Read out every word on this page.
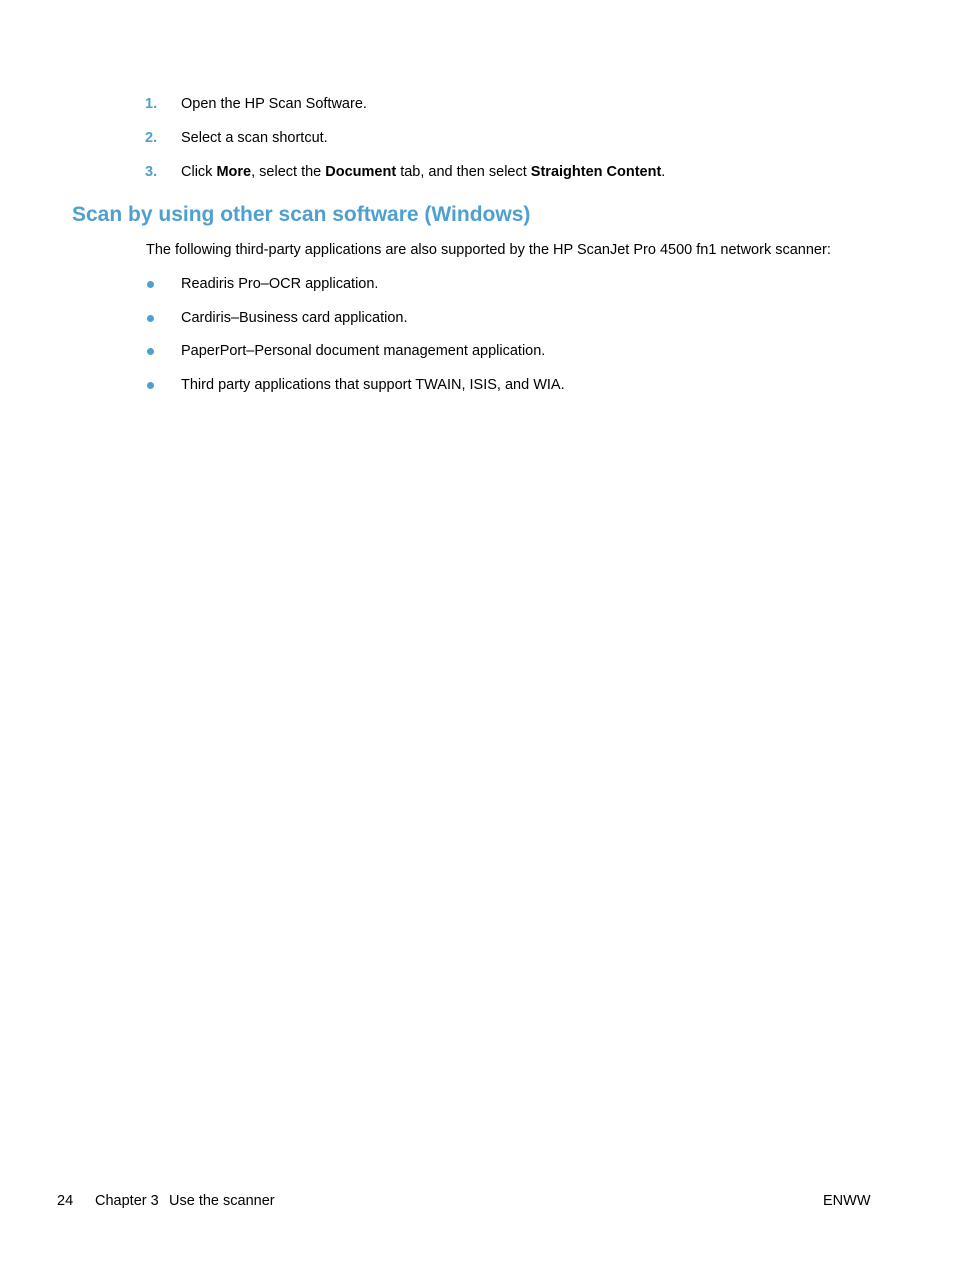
1. Open the HP Scan Software.
2. Select a scan shortcut.
3. Click More, select the Document tab, and then select Straighten Content.
Scan by using other scan software (Windows)
The following third-party applications are also supported by the HP ScanJet Pro 4500 fn1 network scanner:
Readiris Pro–OCR application.
Cardiris–Business card application.
PaperPort–Personal document management application.
Third party applications that support TWAIN, ISIS, and WIA.
24 Chapter 3 Use the scanner	ENWW
